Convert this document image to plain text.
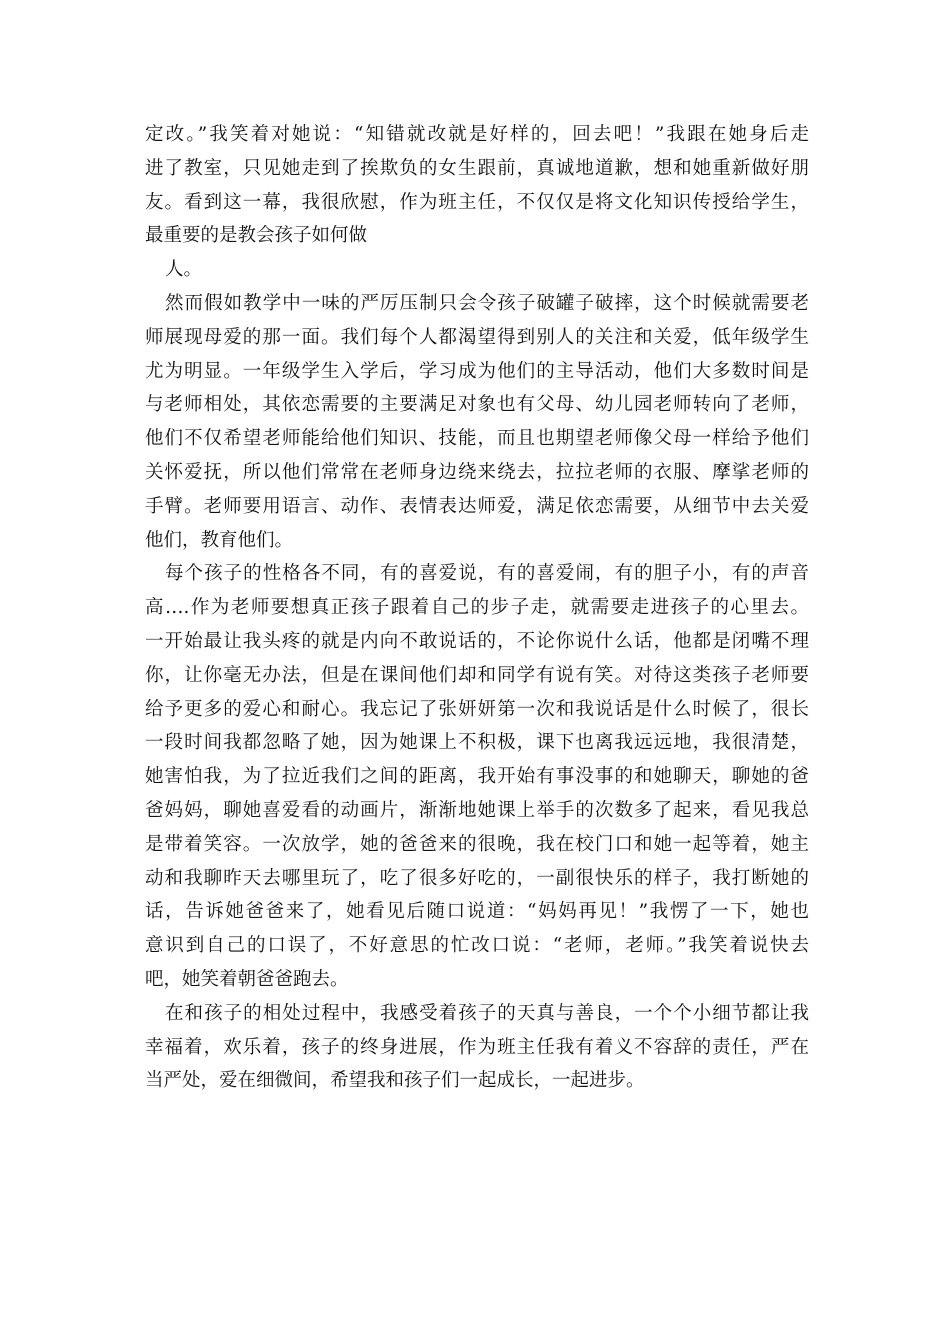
定改。”我笑着对她说：“知错就改就是好样的，回去吧！”我跟在她身后走
进了教室，只见她走到了挨欺负的女生跟前，真诚地道歉，想和她重新做好朋
友。看到这一幕，我很欣慰，作为班主任，不仅仅是将文化知识传授给学生，
最重要的是教会孩子如何做

人。

然而假如教学中一味的严厉压制只会令孩子破罐子破摔，这个时候就需要老
师展现母爱的那一面。我们每个人都渴望得到别人的关注和关爱，低年级学生
尤为明显。一年级学生入学后，学习成为他们的主导活动，他们大多数时间是
与老师相处，其依恋需要的主要满足对象也有父母、幼儿园老师转向了老师，
他们不仅希望老师能给他们知识、技能，而且也期望老师像父母一样给予他们
关怀爱抚，所以他们常常在老师身边绕来绕去，拉拉老师的衣服、摩挲老师的
手臂。老师要用语言、动作、表情表达师爱，满足依恋需要，从细节中去关爱
他们，教育他们。

每个孩子的性格各不同，有的喜爱说，有的喜爱闹，有的胆子小，有的声音
高….作为老师要想真正孩子跟着自己的步子走，就需要走进孩子的心里去。
一开始最让我头疼的就是内向不敢说话的，不论你说什么话，他都是闭嘴不理
你，让你毫无办法，但是在课间他们却和同学有说有笑。对待这类孩子老师要
给予更多的爱心和耐心。我忘记了张妍妍第一次和我说话是什么时候了，很长
一段时间我都忽略了她，因为她课上不积极，课下也离我远远地，我很清楚，
她害怕我，为了拉近我们之间的距离，我开始有事没事的和她聊天，聊她的爸
爸妈妈，聊她喜爱看的动画片，渐渐地她课上举手的次数多了起来，看见我总
是带着笑容。一次放学，她的爸爸来的很晚，我在校门口和她一起等着，她主
动和我聊昨天去哪里玩了，吃了很多好吃的，一副很快乐的样子，我打断她的
话，告诉她爸爸来了，她看见后随口说道：“妈妈再见！”我愣了一下，她也
意识到自己的口误了，不好意思的忙改口说：“老师，老师。”我笑着说快去
吧，她笑着朝爸爸跑去。

在和孩子的相处过程中，我感受着孩子的天真与善良，一个个小细节都让我
幸福着，欢乐着，孩子的终身进展，作为班主任我有着义不容辞的责任，严在
当严处，爱在细微间，希望我和孩子们一起成长，一起进步。
